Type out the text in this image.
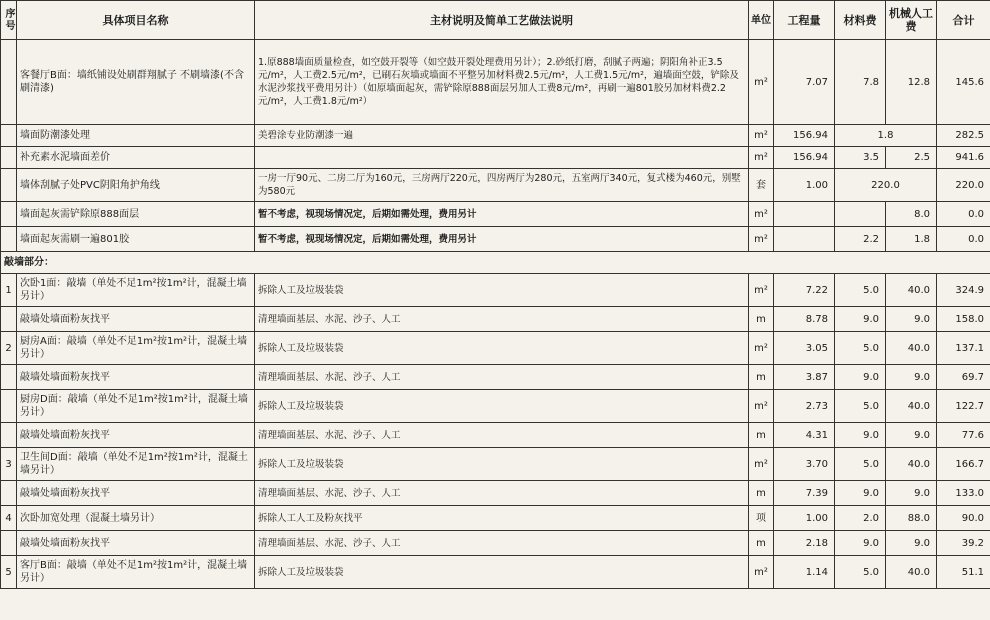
序号	具体项目名称	主材说明及简单工艺做法说明	单位	工程量	材料费	机械人工费	合计
	客餐厅B面：墙纸铺设处刷群翔腻子 不刷墙漆(不含刷清漆)	1.原888墙面质量检查，如空鼓开裂等（如空鼓开裂处理费用另计）；2.砂纸打磨，刮腻子两遍；阴阳角补正3.5元/m²，人工费2.5元/m²，已刷石灰墙或墙面不平整另加材料费2.5元/m²，人工费1.5元/m²，遍墙面空鼓，铲除及水泥沙浆找平费用另计）（如原墙面起灰，需铲除原888面层另加人工费8元/m²，再刷一遍801胶另加材料费2.2元/m²，人工费1.8元/m²）	m²	7.07	7.8	12.8	145.6
	墙面防潮漆处理	美碧涂专业防潮漆一遍	m²	156.94	1.8		282.5
	补充素水泥墙面差价		m²	156.94	3.5	2.5	941.6
	墙体刮腻子处PVC阴阳角护角线	一房一厅90元、二房二厅为160元，三房两厅220元，四房两厅为280元，五室两厅340元，复式楼为460元，别墅为580元	套	1.00	220.0		220.0
	墙面起灰需铲除原888面层	暂不考虑，视现场情况定，后期如需处理，费用另计	m²			8.0	0.0
	墙面起灰需刷一遍801胶	暂不考虑，视现场情况定，后期如需处理，费用另计	m²		2.2	1.8	0.0
敲墙部分：							
1	次卧1面：敲墙（单处不足1m²按1m²计，混凝土墙另计）	拆除人工及垃圾装袋	m²	7.22	5.0	40.0	324.9
	敲墙处墙面粉灰找平	清理墙面基层、水泥、沙子、人工	m	8.78	9.0	9.0	158.0
2	厨房A面：敲墙（单处不足1m²按1m²计，混凝土墙另计）	拆除人工及垃圾装袋	m²	3.05	5.0	40.0	137.1
	敲墙处墙面粉灰找平	清理墙面基层、水泥、沙子、人工	m	3.87	9.0	9.0	69.7
	厨房D面：敲墙（单处不足1m²按1m²计，混凝土墙另计）	拆除人工及垃圾装袋	m²	2.73	5.0	40.0	122.7
	敲墙处墙面粉灰找平	清理墙面基层、水泥、沙子、人工	m	4.31	9.0	9.0	77.6
3	卫生间D面：敲墙（单处不足1m²按1m²计，混凝土墙另计）	拆除人工及垃圾装袋	m²	3.70	5.0	40.0	166.7
	敲墙处墙面粉灰找平	清理墙面基层、水泥、沙子、人工	m	7.39	9.0	9.0	133.0
4	次卧加宽处理（混凝土墙另计）	拆除人工人工及粉灰找平	项	1.00	2.0	88.0	90.0
	敲墙处墙面粉灰找平	清理墙面基层、水泥、沙子、人工	m	2.18	9.0	9.0	39.2
5	客厅B面：敲墙（单处不足1m²按1m²计，混凝土墙另计）	拆除人工及垃圾装袋	m²	1.14	5.0	40.0	51.1
